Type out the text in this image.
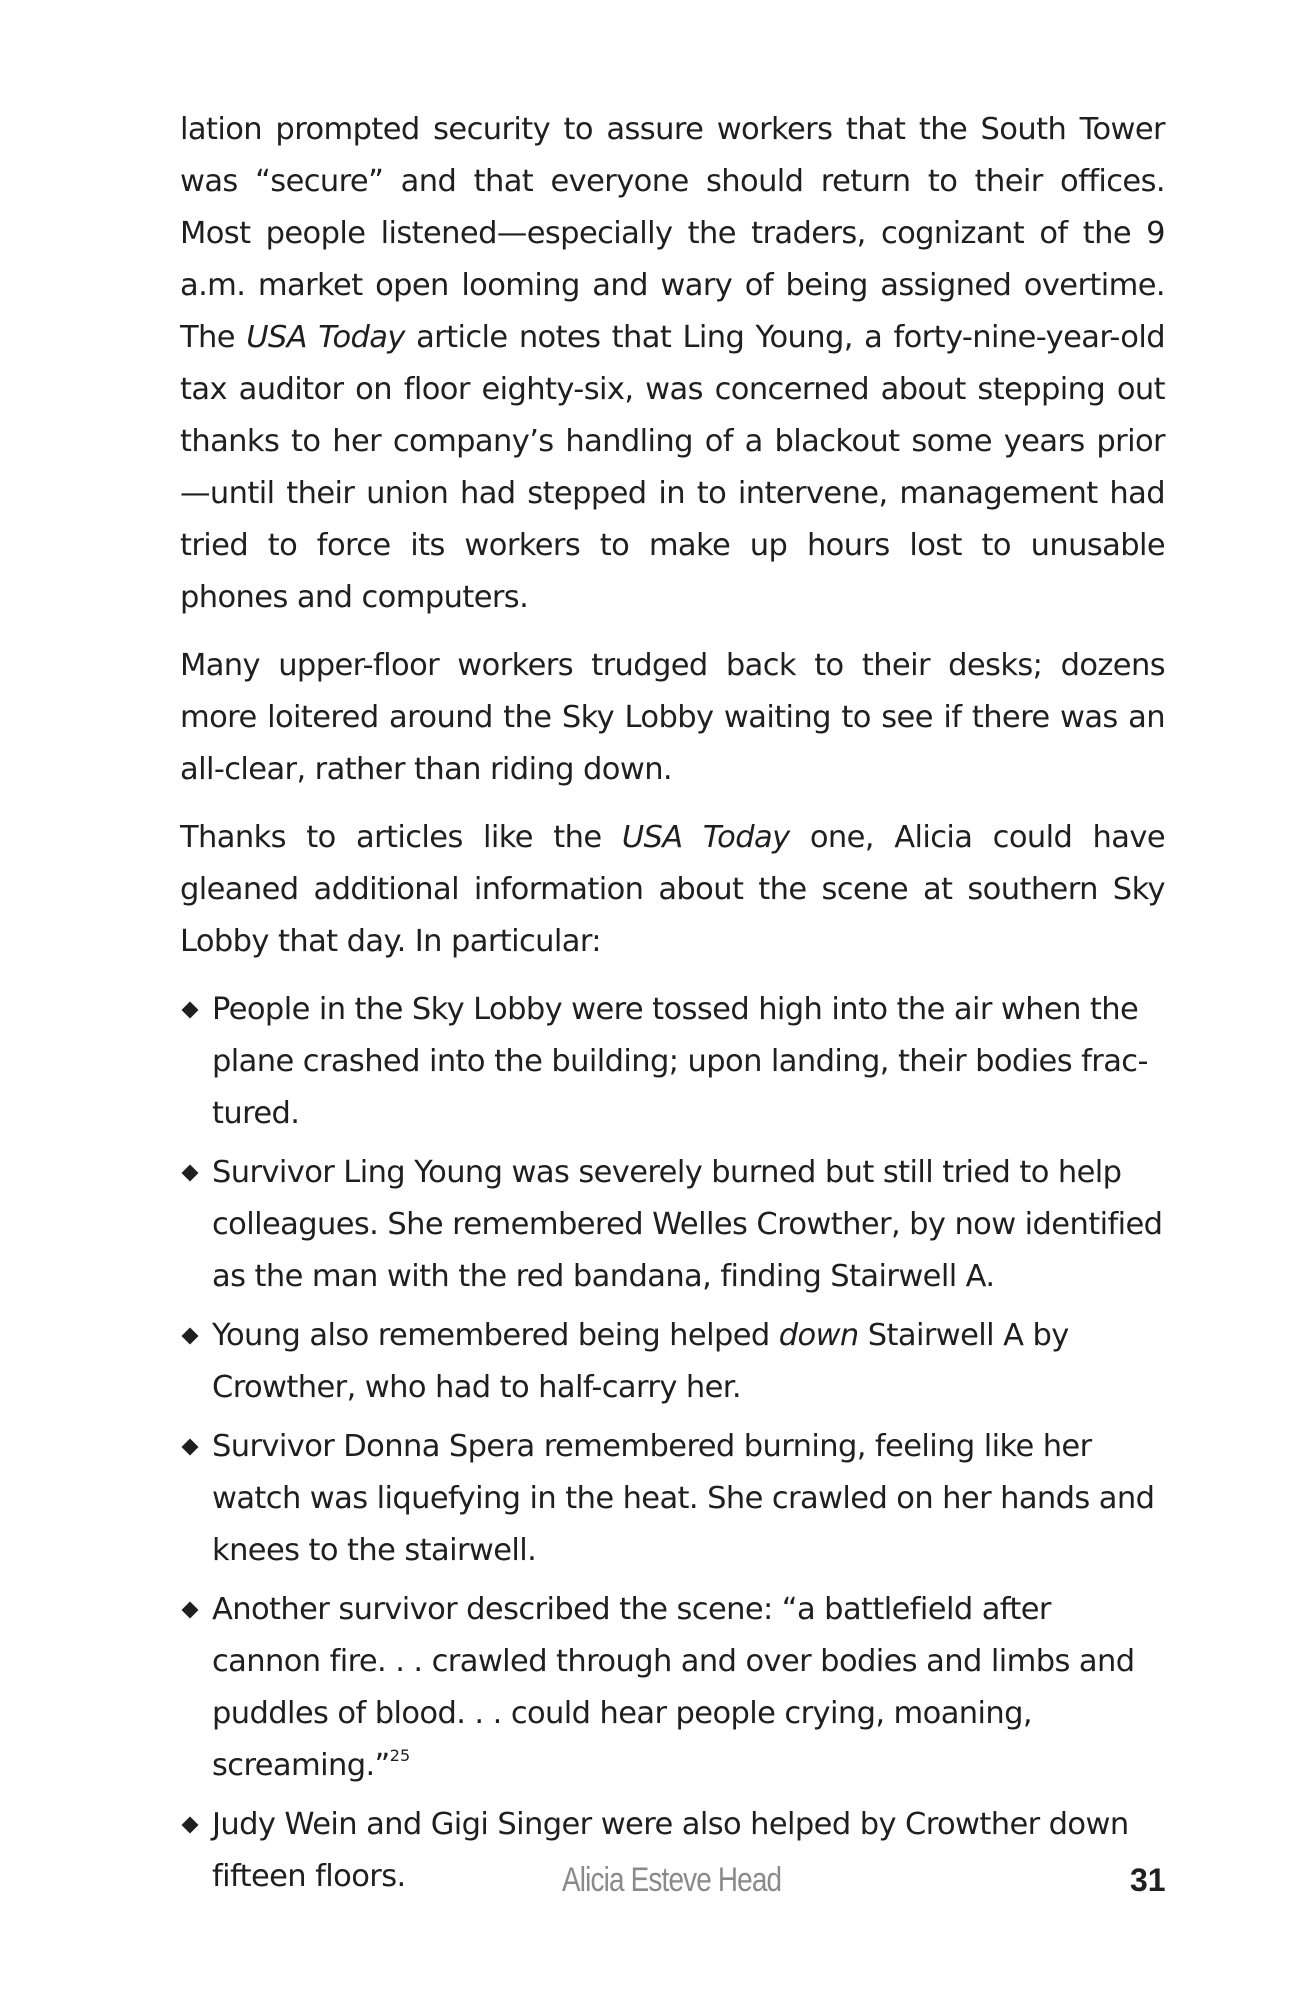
lation prompted security to assure workers that the South Tower was “secure” and that everyone should return to their offices. Most people listened—especially the traders, cognizant of the 9 a.m. market open looming and wary of being assigned overtime. The USA Today article notes that Ling Young, a forty-nine-year-old tax auditor on floor eighty-six, was concerned about stepping out thanks to her company’s handling of a blackout some years prior—until their union had stepped in to intervene, management had tried to force its workers to make up hours lost to unusable phones and computers.

Many upper-floor workers trudged back to their desks; dozens more loitered around the Sky Lobby waiting to see if there was an all-clear, rather than riding down.

Thanks to articles like the USA Today one, Alicia could have gleaned additional information about the scene at southern Sky Lobby that day. In particular:

People in the Sky Lobby were tossed high into the air when the plane crashed into the building; upon landing, their bodies frac-tured.
Survivor Ling Young was severely burned but still tried to help colleagues. She remembered Welles Crowther, by now identified as the man with the red bandana, finding Stairwell A.
Young also remembered being helped down Stairwell A by Crowther, who had to half-carry her.
Survivor Donna Spera remembered burning, feeling like her watch was liquefying in the heat. She crawled on her hands and knees to the stairwell.
Another survivor described the scene: “a battlefield after cannon fire. . . crawled through and over bodies and limbs and puddles of blood. . . could hear people crying, moaning, screaming.”$^{25}$
Judy Wein and Gigi Singer were also helped by Crowther down fifteen floors.	Alicia Esteve Head	31
